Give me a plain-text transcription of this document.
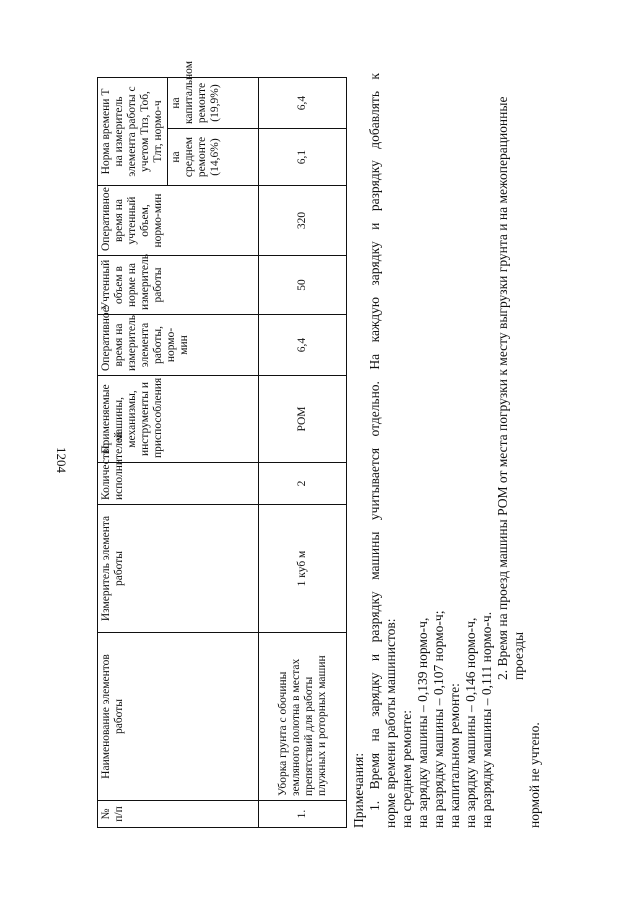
1204
№ п/п	Наименование элементов работы	Измеритель элемента работы	Количество исполнителей	Применяемые машины, механизмы, инструменты и приспособления	Оперативное время на измеритель элемента работы, нормо-мин	Учтенный объем в норме на измеритель работы	Оперативное время на учтенный объем, нормо-мин	Норма времени Т на измеритель элемента работы с учетом Тпз, Тоб, Тлт, нормо-ч	
								на среднем ремонте (14,6%)	на капитальном ремонте (19,9%)
1.	Уборка грунта с обочины земляного полотна в местах препятствий для работы плужных и роторных машин	1 куб м	2	РОМ	6,4	50	320	6,1	6,4

Примечания: 1. Время на зарядку и разрядку машины учитывается отдельно. На каждую зарядку и разрядку добавлять к норме времени работы машинистов: на среднем ремонте: на зарядку машины – 0,139 нормо-ч, на разрядку машины – 0,107 нормо-ч; на капитальном ремонте: на зарядку машины – 0,146 нормо-ч, на разрядку машины – 0,111 нормо-ч.

2. Время на проезд машины РОМ от места погрузки к месту выгрузки грунта и на межоперационные проезды

нормой не учтено.
